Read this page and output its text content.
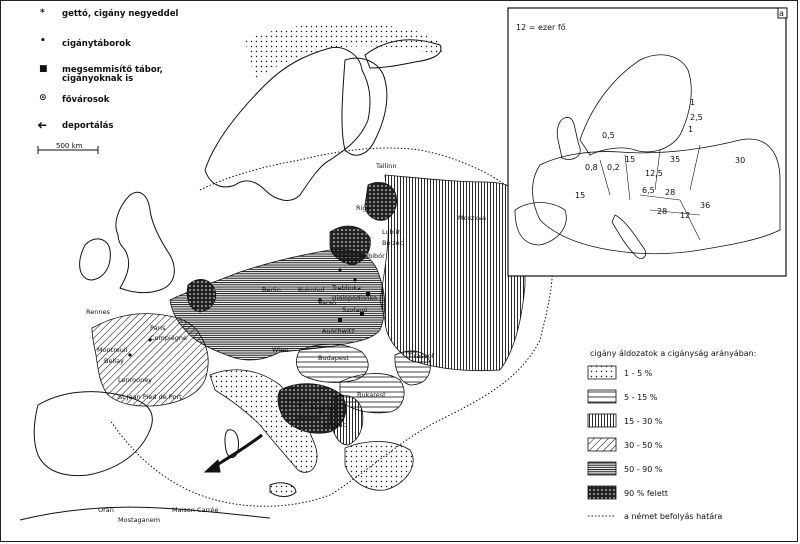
Moszkva
Lublin
Belzec
Sobibór
Berlin	Kulmhof
Varsó
Treblinka
Bialapodlaska
Auschwitz
Szolanó
Paris
Compiègne
Montreuil
Bellay
Lenrooney
St Jean Pied de Port	Jasenovac
Belgrád
Zemun
Budapest
Bukarest
Tiraspol
Wien
Jidovac
Oran
Mostaganem
Maison Carrée
Rennes
Riga
Tallinn
12 = ezer fő
a
1
2,5
1
0,5
15	35	30
0,8 0,2
12,5
6,5 28
15
28
36
12
* gettó, cigány negyeddel
• cigánytáborok
■ megsemmisítő tábor, cigányoknak is
⊙ fővárosok
➜ deportálás
500 km
cigány áldozatok a cigányság arányában:
1 - 5 %
5 - 15 %
15 - 30 %
30 - 50 %
50 - 90 %
90 % felett
a német befolyás határa
